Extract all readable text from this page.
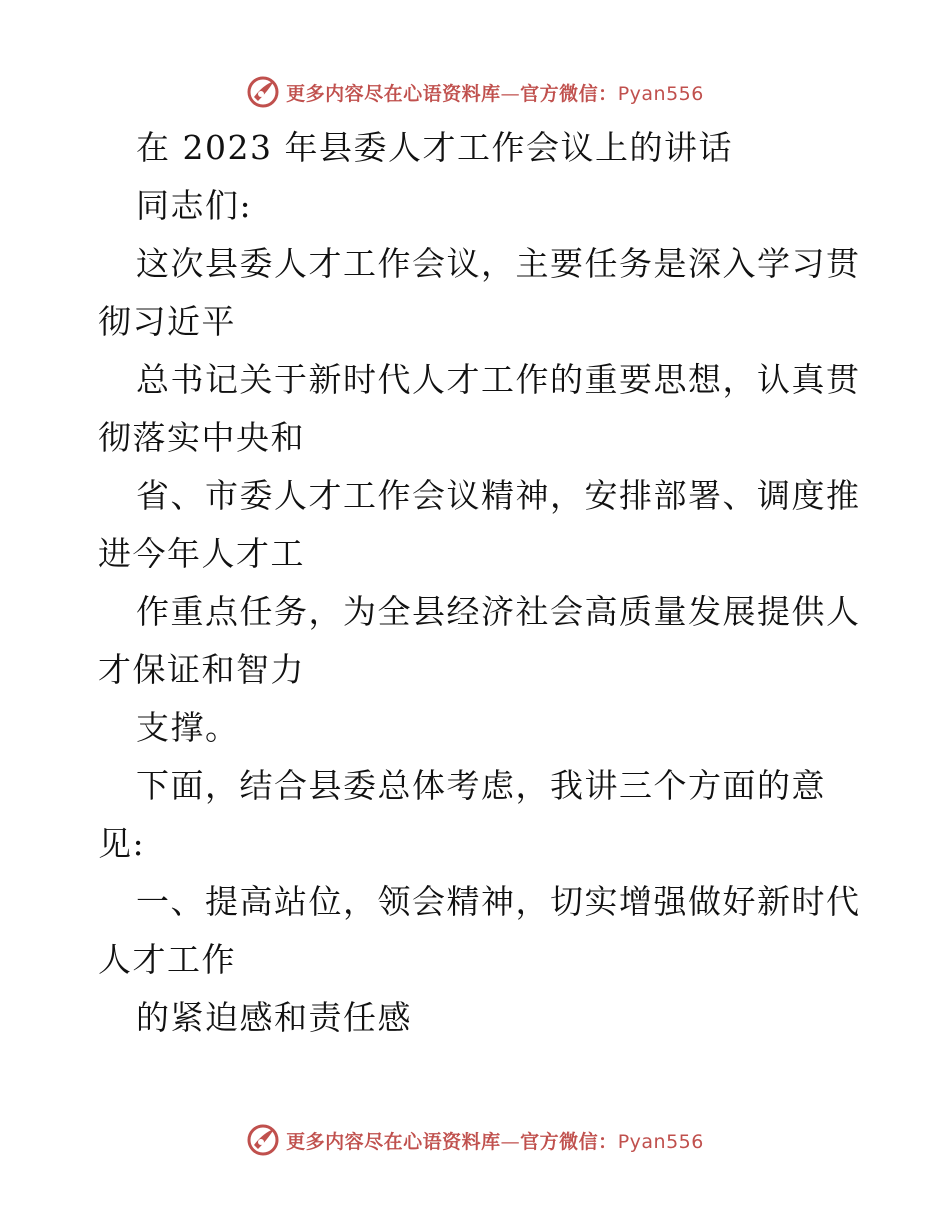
更多内容尽在心语资料库—官方微信：Pyan556
在 2023 年县委人才工作会议上的讲话
同志们:
这次县委人才工作会议，主要任务是深入学习贯
彻习近平
总书记关于新时代人才工作的重要思想，认真贯
彻落实中央和
省、市委人才工作会议精神，安排部署、调度推
进今年人才工
作重点任务，为全县经济社会高质量发展提供人
才保证和智力
支撑。
下面，结合县委总体考虑，我讲三个方面的意
见:
一、提高站位，领会精神，切实增强做好新时代
人才工作
的紧迫感和责任感
更多内容尽在心语资料库—官方微信：Pyan556
